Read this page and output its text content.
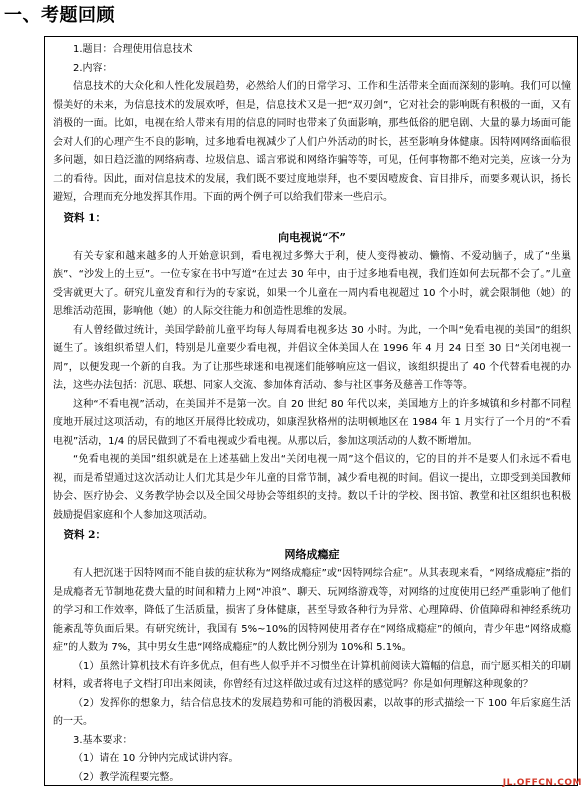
一、考题回顾
1.题目：合理使用信息技术
2.内容：

信息技术的大众化和人性化发展趋势，必然给人们的日常学习、工作和生活带来全面而深刻的影响。我们可以憧憬美好的未来，为信息技术的发展欢呼，但是，信息技术又是一把“双刃剑”，它对社会的影响既有积极的一面，又有消极的一面。比如，电视在给人带来有用的信息的同时也带来了负面影响，那些低俗的肥皂剧、大量的暴力场面可能会对人们的心理产生不良的影响，过多地看电视减少了人们户外活动的时长，甚至影响身体健康。因特网网络面临很多问题，如日趋泛滥的网络病毒、垃圾信息、谣言邪说和网络诈骗等等，可见，任何事物都不绝对完美，应该一分为二的看待。因此，面对信息技术的发展，我们既不要过度地崇拜，也不要因噎废食、盲目排斥，而要多观认识，扬长避短，合理而充分地发挥其作用。下面的两个例子可以给我们带来一些启示。

资料 1：

向电视说“不”

有关专家和越来越多的人开始意识到，看电视过多弊大于利，使人变得被动、懒惰、不爱动脑子，成了“坐巢族”、“沙发上的土豆”。一位专家在书中写道“在过去 30 年中，由于过多地看电视，我们连如何去玩都不会了。”儿童受害就更大了。研究儿童发育和行为的专家说，如果一个儿童在一周内看电视超过 10 个小时，就会限制他（她）的思维活动范围，影响他（她）的人际交往能力和创造性思维的发展。

有人曾经做过统计，美国学龄前儿童平均每人每周看电视多达 30 小时。为此，一个叫“免看电视的美国”的组织诞生了。该组织希望人们，特别是儿童要少看电视，并倡议全体美国人在 1996 年 4 月 24 日至 30 日“关闭电视一周”，以便发现一个新的自我。为了让那些球迷和电视迷们能够响应这一倡议，该组织提出了 40 个代替看电视的办法，这些办法包括：沉思、联想、同家人交流、参加体育活动、参与社区事务及慈善工作等等。

这种“不看电视”活动，在美国并不是第一次。自 20 世纪 80 年代以来，美国地方上的许多城镇和乡村都不同程度地开展过这项活动，有的地区开展得比较成功，如康涅狄格州的法明顿地区在 1984 年 1 月实行了一个月的“不看电视”活动，1/4 的居民做到了不看电视或少看电视。从那以后，参加这项活动的人数不断增加。

“免看电视的美国”组织就是在上述基础上发出“关闭电视一周”这个倡议的，它的目的并不是要人们永远不看电视，而是希望通过这次活动让人们尤其是少年儿童的目常节制，减少看电视的时间。倡议一提出，立即受到美国教师协会、医疗协会、义务教学协会以及全国父母协会等组织的支持。数以千计的学校、图书馆、教堂和社区组织也积极鼓励提倡家庭和个人参加这项活动。

资料 2：

网络成瘾症

有人把沉迷于因特网而不能自拔的症状称为“网络成瘾症”或“因特网综合症”。从其表现来看，“网络成瘾症”指的是成瘾者无节制地花费大量的时间和精力上网“冲浪”、聊天、玩网络游戏等，对网络的过度使用已经严重影响了他们的学习和工作效率，降低了生活质量，损害了身体健康，甚至导致各种行为异常、心理障碍、价值障碍和神经系统功能紊乱等负面后果。有研究统计，我国有 5%~10%的因特网使用者存在“网络成瘾症”的倾向，青少年患“网络成瘾症”的人数为 7%，其中男女生患“网络成瘾症”的人数比例分别为 10%和 5.1%。

（1）虽然计算机技术有许多优点，但有些人似乎并不习惯坐在计算机前阅读大篇幅的信息，而宁愿买相关的印刷材料，或者将电子文档打印出来阅读，你曾经有过这样做过或有过这样的感觉吗？你是如何理解这种现象的？

（2）发挥你的想象力，结合信息技术的发展趋势和可能的消极因素，以故事的形式描绘一下 100 年后家庭生活的一天。

3.基本要求：
（1）请在 10 分钟内完成试讲内容。
（2）教学流程要完整。
JL.OFFCN.COM
